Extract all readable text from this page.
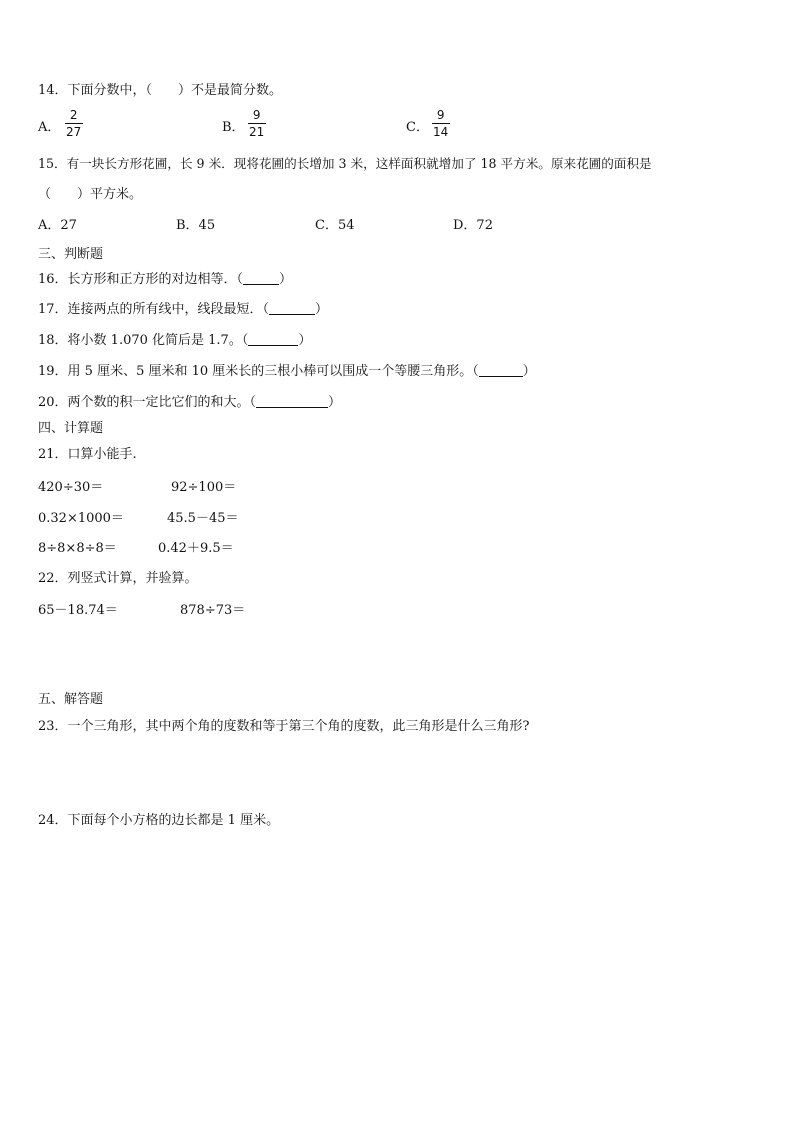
14．下面分数中，（　　）不是最简分数。
A．
2
27	B．
9
21	C．
9
14
15．有一块长方形花圃，长 9 米．现将花圃的长增加 3 米，这样面积就增加了 18 平方米。原来花圃的面积是
（　　）平方米。
A．27	B．45	C．54	D．72
三、判断题
16．长方形和正方形的对边相等．（	）
17．连接两点的所有线中，线段最短．（	）
18．将小数 1.070 化简后是 1.7。（	）
19．用 5 厘米、5 厘米和 10 厘米长的三根小棒可以围成一个等腰三角形。（	）
20．两个数的积一定比它们的和大。（	）
四、计算题
21．口算小能手.
420÷30＝	92÷100＝
0.32×1000＝	45.5－45＝
8÷8×8÷8＝	0.42＋9.5＝
22．列竖式计算，并验算。
65－18.74＝	878÷73＝
五、解答题
23．一个三角形，其中两个角的度数和等于第三个角的度数，此三角形是什么三角形?
24．下面每个小方格的边长都是 1 厘米。
